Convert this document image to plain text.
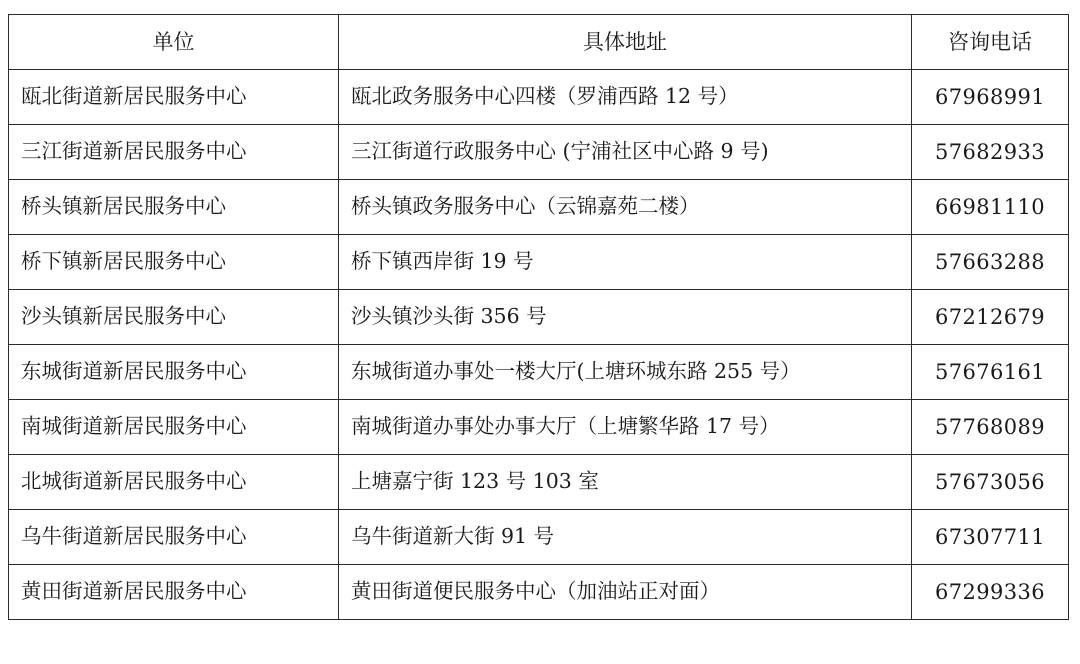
单位	具体地址	咨询电话
瓯北街道新居民服务中心	瓯北政务服务中心四楼（罗浦西路 12 号）	67968991
三江街道新居民服务中心	三江街道行政服务中心 (宁浦社区中心路 9 号)	57682933
桥头镇新居民服务中心	桥头镇政务服务中心（云锦嘉苑二楼）	66981110
桥下镇新居民服务中心	桥下镇西岸街 19 号	57663288
沙头镇新居民服务中心	沙头镇沙头街 356 号	67212679
东城街道新居民服务中心	东城街道办事处一楼大厅(上塘环城东路 255 号）	57676161
南城街道新居民服务中心	南城街道办事处办事大厅（上塘繁华路 17 号）	57768089
北城街道新居民服务中心	上塘嘉宁街 123 号 103 室	57673056
乌牛街道新居民服务中心	乌牛街道新大街 91 号	67307711
黄田街道新居民服务中心	黄田街道便民服务中心（加油站正对面）	67299336
